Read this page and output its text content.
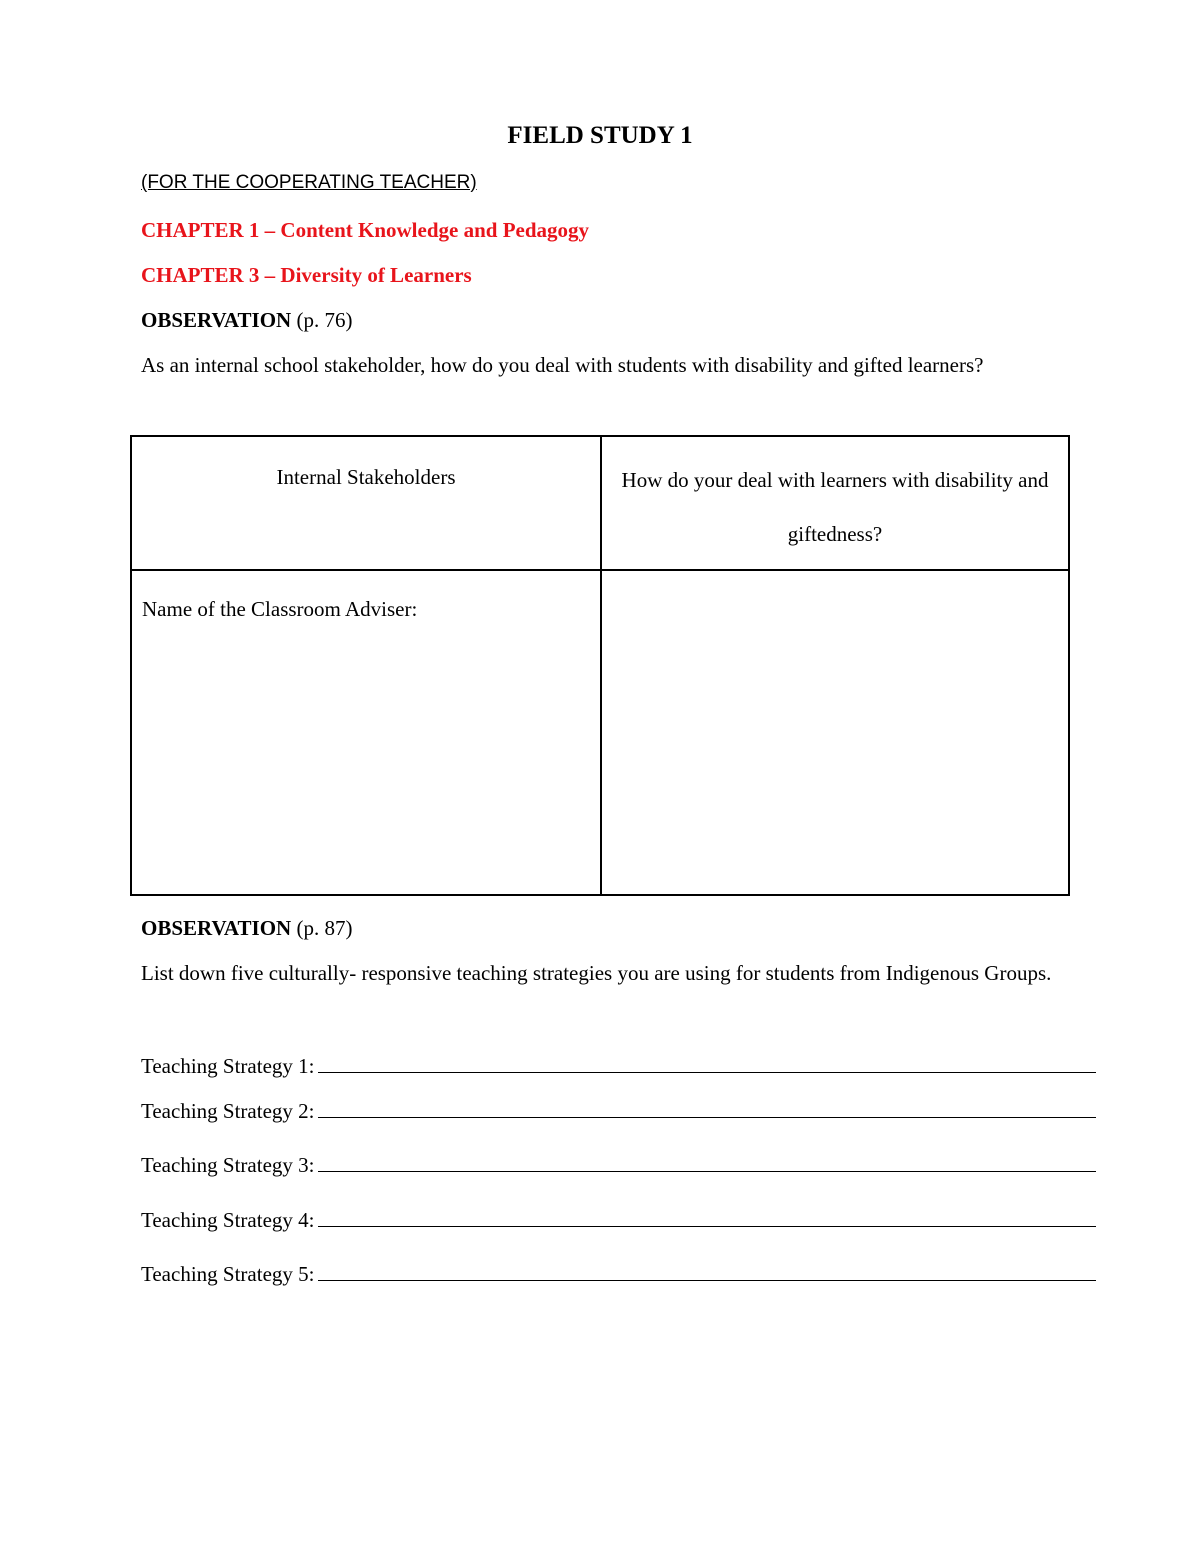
FIELD STUDY 1
(FOR THE COOPERATING TEACHER)
CHAPTER 1 – Content Knowledge and Pedagogy
CHAPTER 3 – Diversity of Learners
OBSERVATION (p. 76)
As an internal school stakeholder, how do you deal with students with disability and gifted learners?
Internal Stakeholders	How do your deal with learners with disability and giftedness?
Name of the Classroom Adviser:
OBSERVATION (p. 87)
List down five culturally- responsive teaching strategies you are using for students from Indigenous Groups.
Teaching Strategy 1:
Teaching Strategy 2:
Teaching Strategy 3:
Teaching Strategy 4:
Teaching Strategy 5:
